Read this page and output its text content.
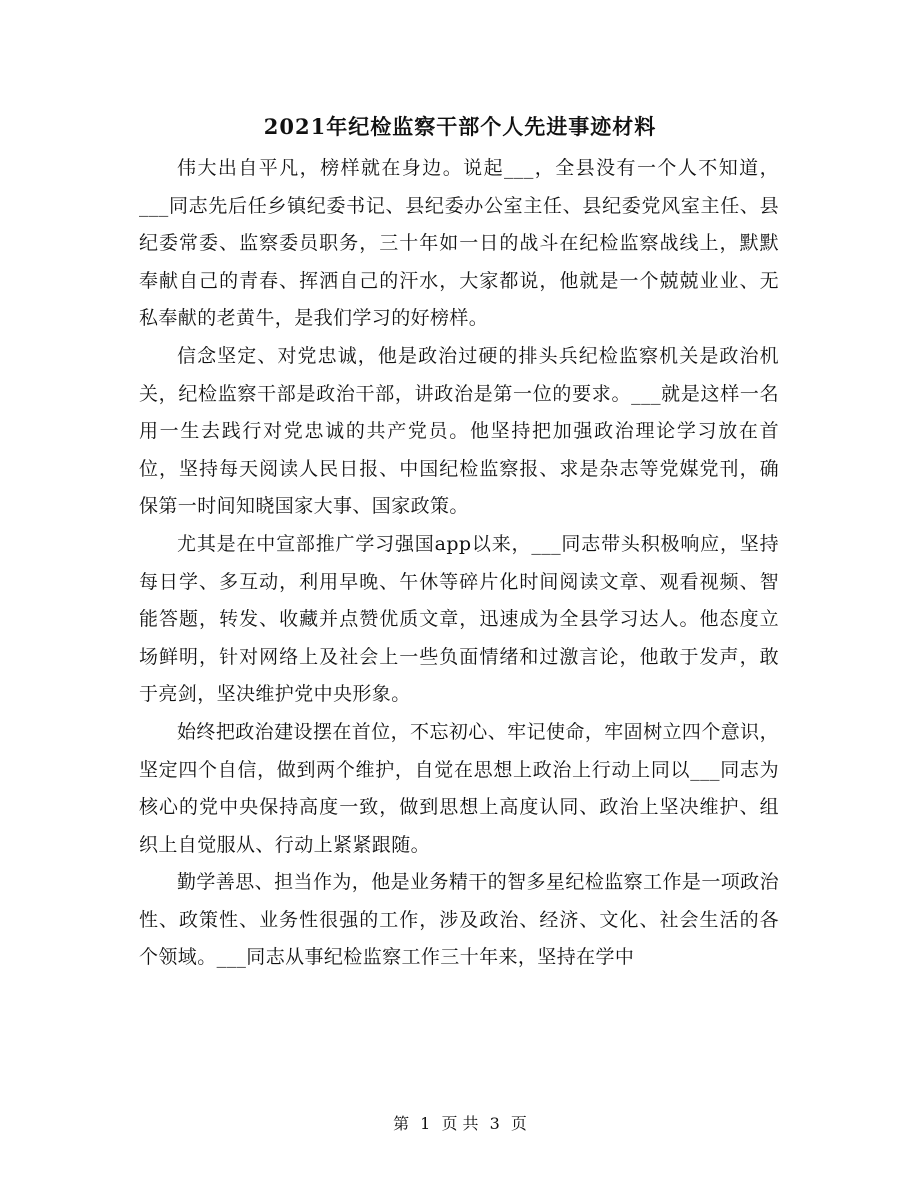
2021年纪检监察干部个人先进事迹材料

伟大出自平凡，榜样就在身边。说起___，全县没有一个人不知道，___同志先后任乡镇纪委书记、县纪委办公室主任、县纪委党风室主任、县纪委常委、监察委员职务，三十年如一日的战斗在纪检监察战线上，默默奉献自己的青春、挥洒自己的汗水，大家都说，他就是一个兢兢业业、无私奉献的老黄牛，是我们学习的好榜样。

信念坚定、对党忠诚，他是政治过硬的排头兵纪检监察机关是政治机关，纪检监察干部是政治干部，讲政治是第一位的要求。___就是这样一名用一生去践行对党忠诚的共产党员。他坚持把加强政治理论学习放在首位，坚持每天阅读人民日报、中国纪检监察报、求是杂志等党媒党刊，确保第一时间知晓国家大事、国家政策。

尤其是在中宣部推广学习强国app以来，___同志带头积极响应，坚持每日学、多互动，利用早晚、午休等碎片化时间阅读文章、观看视频、智能答题，转发、收藏并点赞优质文章，迅速成为全县学习达人。他态度立场鲜明，针对网络上及社会上一些负面情绪和过激言论，他敢于发声，敢于亮剑，坚决维护党中央形象。

始终把政治建设摆在首位，不忘初心、牢记使命，牢固树立四个意识，坚定四个自信，做到两个维护，自觉在思想上政治上行动上同以___同志为核心的党中央保持高度一致，做到思想上高度认同、政治上坚决维护、组织上自觉服从、行动上紧紧跟随。

勤学善思、担当作为，他是业务精干的智多星纪检监察工作是一项政治性、政策性、业务性很强的工作，涉及政治、经济、文化、社会生活的各个领域。___同志从事纪检监察工作三十年来，坚持在学中

第 1 页 共 3 页
